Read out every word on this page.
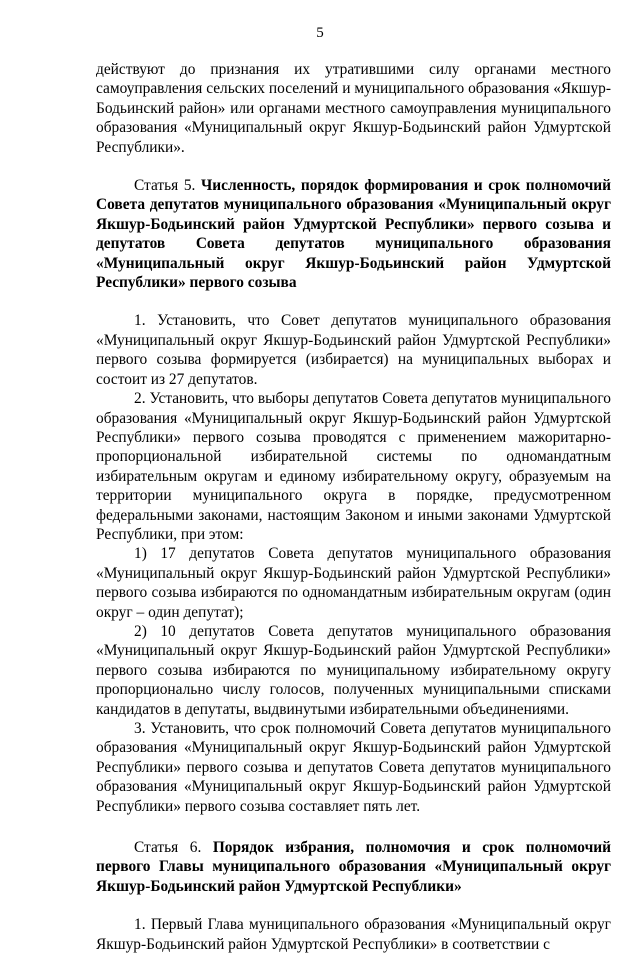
5

действуют до признания их утратившими силу органами местного самоуправления сельских поселений и муниципального образования «Якшур-Бодьинский район» или органами местного самоуправления муниципального образования «Муниципальный округ Якшур-Бодьинский район Удмуртской Республики».

Статья 5. Численность, порядок формирования и срок полномочий Совета депутатов муниципального образования «Муниципальный округ Якшур-Бодьинский район Удмуртской Республики» первого созыва и депутатов Совета депутатов муниципального образования «Муниципальный округ Якшур-Бодьинский район Удмуртской Республики» первого созыва

1. Установить, что Совет депутатов муниципального образования «Муниципальный округ Якшур-Бодьинский район Удмуртской Республики» первого созыва формируется (избирается) на муниципальных выборах и состоит из 27 депутатов.

2. Установить, что выборы депутатов Совета депутатов муниципального образования «Муниципальный округ Якшур-Бодьинский район Удмуртской Республики» первого созыва проводятся с применением мажоритарно-пропорциональной избирательной системы по одномандатным избирательным округам и единому избирательному округу, образуемым на территории муниципального округа в порядке, предусмотренном федеральными законами, настоящим Законом и иными законами Удмуртской Республики, при этом:

1) 17 депутатов Совета депутатов муниципального образования «Муниципальный округ Якшур-Бодьинский район Удмуртской Республики» первого созыва избираются по одномандатным избирательным округам (один округ – один депутат);

2) 10 депутатов Совета депутатов муниципального образования «Муниципальный округ Якшур-Бодьинский район Удмуртской Республики» первого созыва избираются по муниципальному избирательному округу пропорционально числу голосов, полученных муниципальными списками кандидатов в депутаты, выдвинутыми избирательными объединениями.

3. Установить, что срок полномочий Совета депутатов муниципального образования «Муниципальный округ Якшур-Бодьинский район Удмуртской Республики» первого созыва и депутатов Совета депутатов муниципального образования «Муниципальный округ Якшур-Бодьинский район Удмуртской Республики» первого созыва составляет пять лет.

Статья 6. Порядок избрания, полномочия и срок полномочий первого Главы муниципального образования «Муниципальный округ Якшур-Бодьинский район Удмуртской Республики»

1. Первый Глава муниципального образования «Муниципальный округ Якшур-Бодьинский район Удмуртской Республики» в соответствии с
